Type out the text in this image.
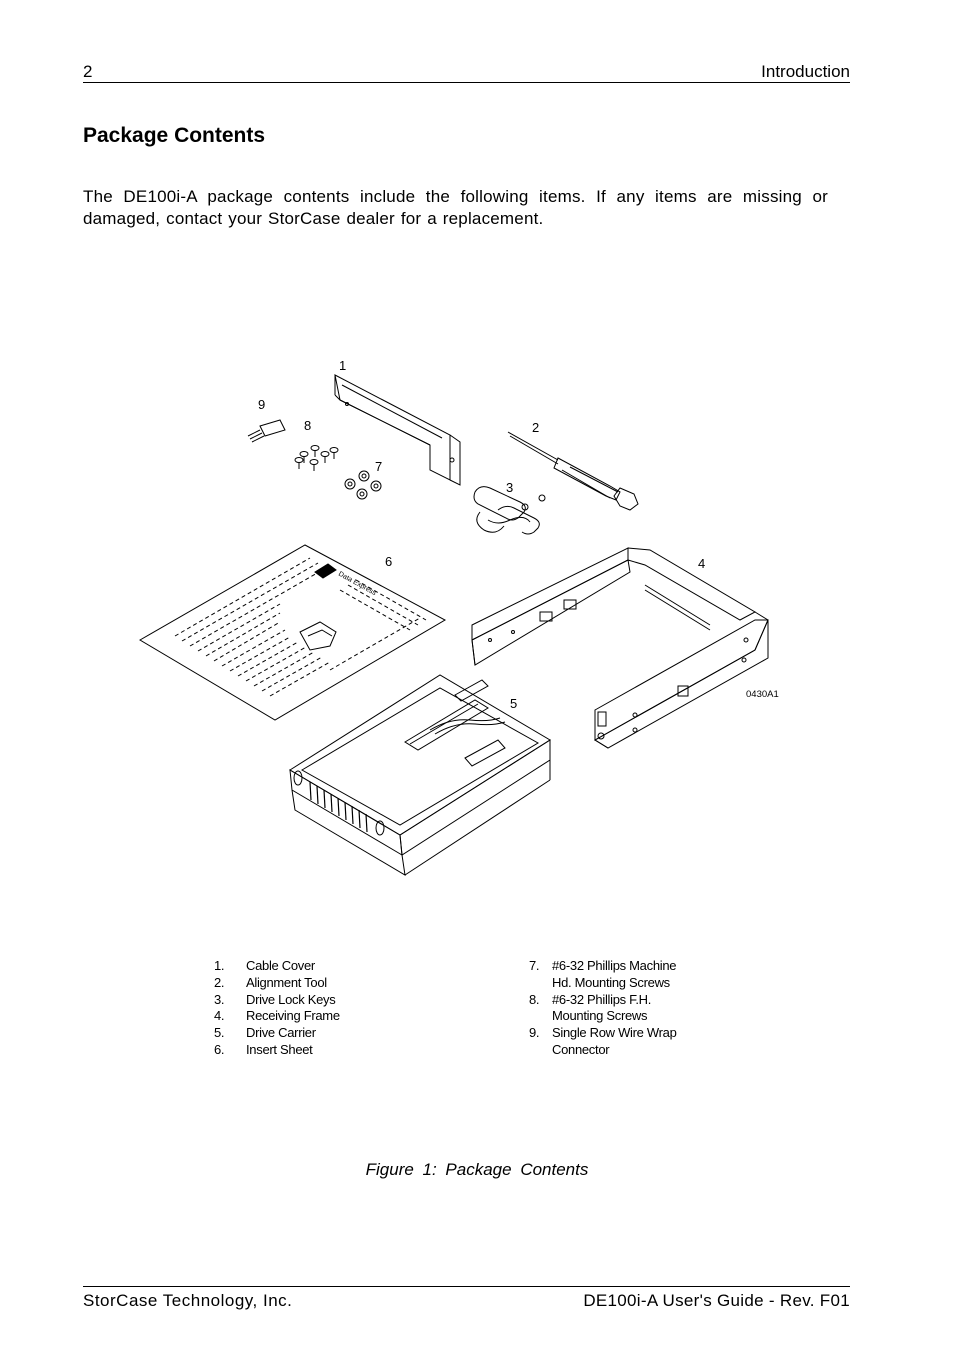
2	Introduction
Package Contents

The DE100i-A package contents include the following items. If any items are missing or damaged, contact your StorCase dealer for a replacement.

1
2
3
4
5
6
7
8
9
0430A1
Data Express
1.	Cable Cover
2.	Alignment Tool
3.	Drive Lock Keys
4.	Receiving Frame
5.	Drive Carrier
6.	Insert Sheet
7. #6-32 Phillips Machine
Hd. Mounting Screws
8. #6-32 Phillips F.H.
Mounting Screws
9. Single Row Wire Wrap
Connector
Figure 1: Package Contents
StorCase Technology, Inc.	DE100i-A User's Guide - Rev. F01
